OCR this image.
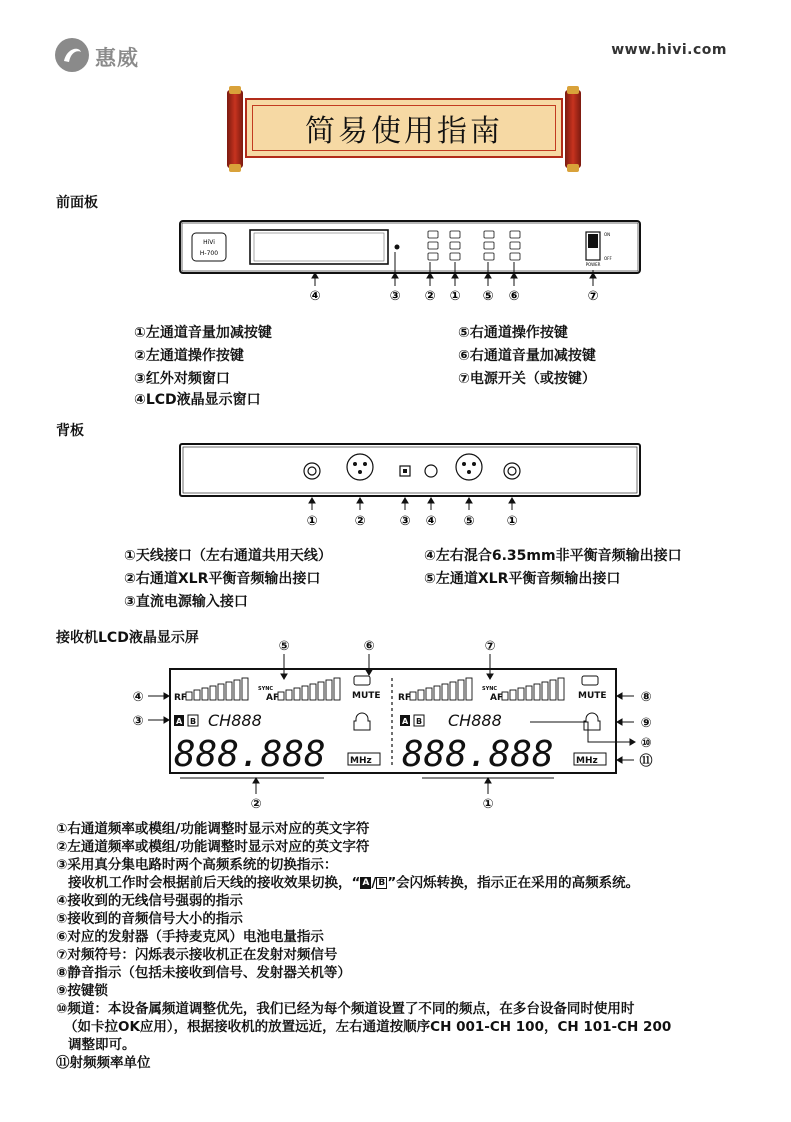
惠威	www.hivi.com
简易使用指南
前面板
HiVi
H-700
ON
OFF
POWER
④	③ ② ① ⑤ ⑥	⑦
①左通道音量加减按键
②左通道操作按键
③红外对频窗口
④LCD液晶显示窗口
⑤右通道操作按键
⑥右通道音量加减按键
⑦电源开关（或按键）
背板
①	②	③ ④ ⑤ ①
①天线接口（左右通道共用天线）
②右通道XLR平衡音频输出接口
③直流电源输入接口
④左右混合6.35mm非平衡音频输出接口
⑤左通道XLR平衡音频输出接口
接收机LCD液晶显示屏
RF
SYNC
AF	MUTE
A B CH888
888.888	MHz
RF
SYNC
AF	MUTE
A B CH888
888.888 MHz
⑤	⑥	⑦
④
③
⑧
⑨
⑩
⑪
②	①
①右通道频率或模组/功能调整时显示对应的英文字符
②左通道频率或模组/功能调整时显示对应的英文字符
③采用真分集电路时两个高频系统的切换指示：
接收机工作时会根据前后天线的接收效果切换，“ A / B ”会闪烁转换，指示正在采用的高频系统。
④接收到的无线信号强弱的指示
⑤接收到的音频信号大小的指示
⑥对应的发射器（手持麦克风）电池电量指示
⑦对频符号：闪烁表示接收机正在发射对频信号
⑧静音指示（包括未接收到信号、发射器关机等）
⑨按键锁
⑩频道：本设备属频道调整优先，我们已经为每个频道设置了不同的频点，在多台设备同时使用时
（如卡拉OK应用），根据接收机的放置远近，左右通道按顺序CH 001-CH 100，CH 101-CH 200
调整即可。
⑪射频频率单位
